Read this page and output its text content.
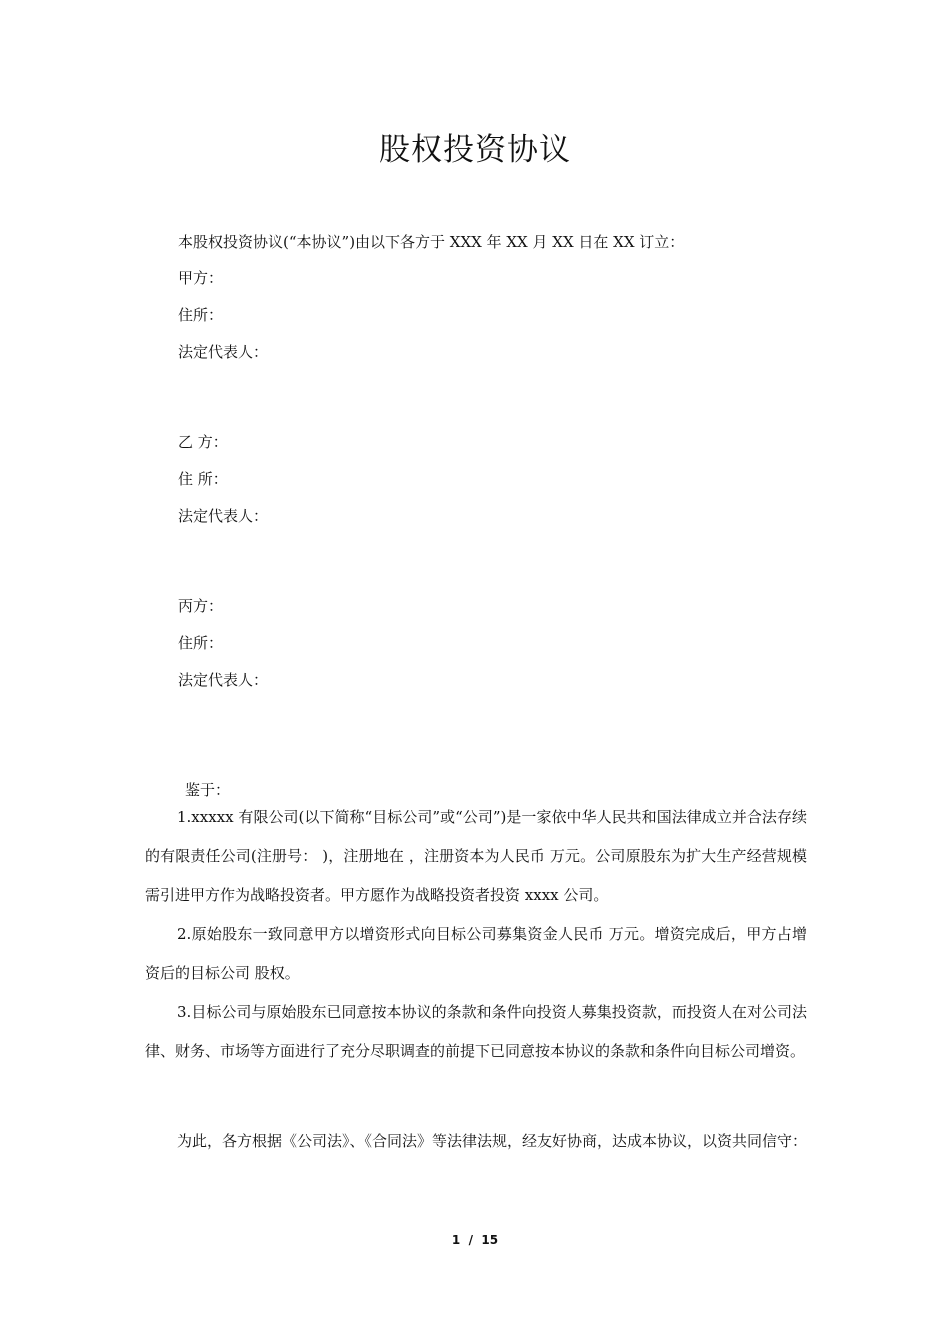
股权投资协议
本股权投资协议(“本协议”)由以下各方于 XXX 年 XX 月 XX 日在 XX 订立：
甲方：
住所：
法定代表人：
乙 方：
住 所：
法定代表人：
丙方：
住所：
法定代表人：
鉴于：
1.xxxxx 有限公司(以下简称“目标公司”或“公司”)是一家依中华人民共和国法律成立并合法存续的有限责任公司(注册号： )，注册地在 ，注册资本为人民币 万元。公司原股东为扩大生产经营规模需引进甲方作为战略投资者。甲方愿作为战略投资者投资 xxxx 公司。
2.原始股东一致同意甲方以增资形式向目标公司募集资金人民币 万元。增资完成后，甲方占增资后的目标公司 股权。
3.目标公司与原始股东已同意按本协议的条款和条件向投资人募集投资款，而投资人在对公司法律、财务、市场等方面进行了充分尽职调查的前提下已同意按本协议的条款和条件向目标公司增资。
为此，各方根据《公司法》、《合同法》等法律法规，经友好协商，达成本协议，以资共同信守：
1  /  15
